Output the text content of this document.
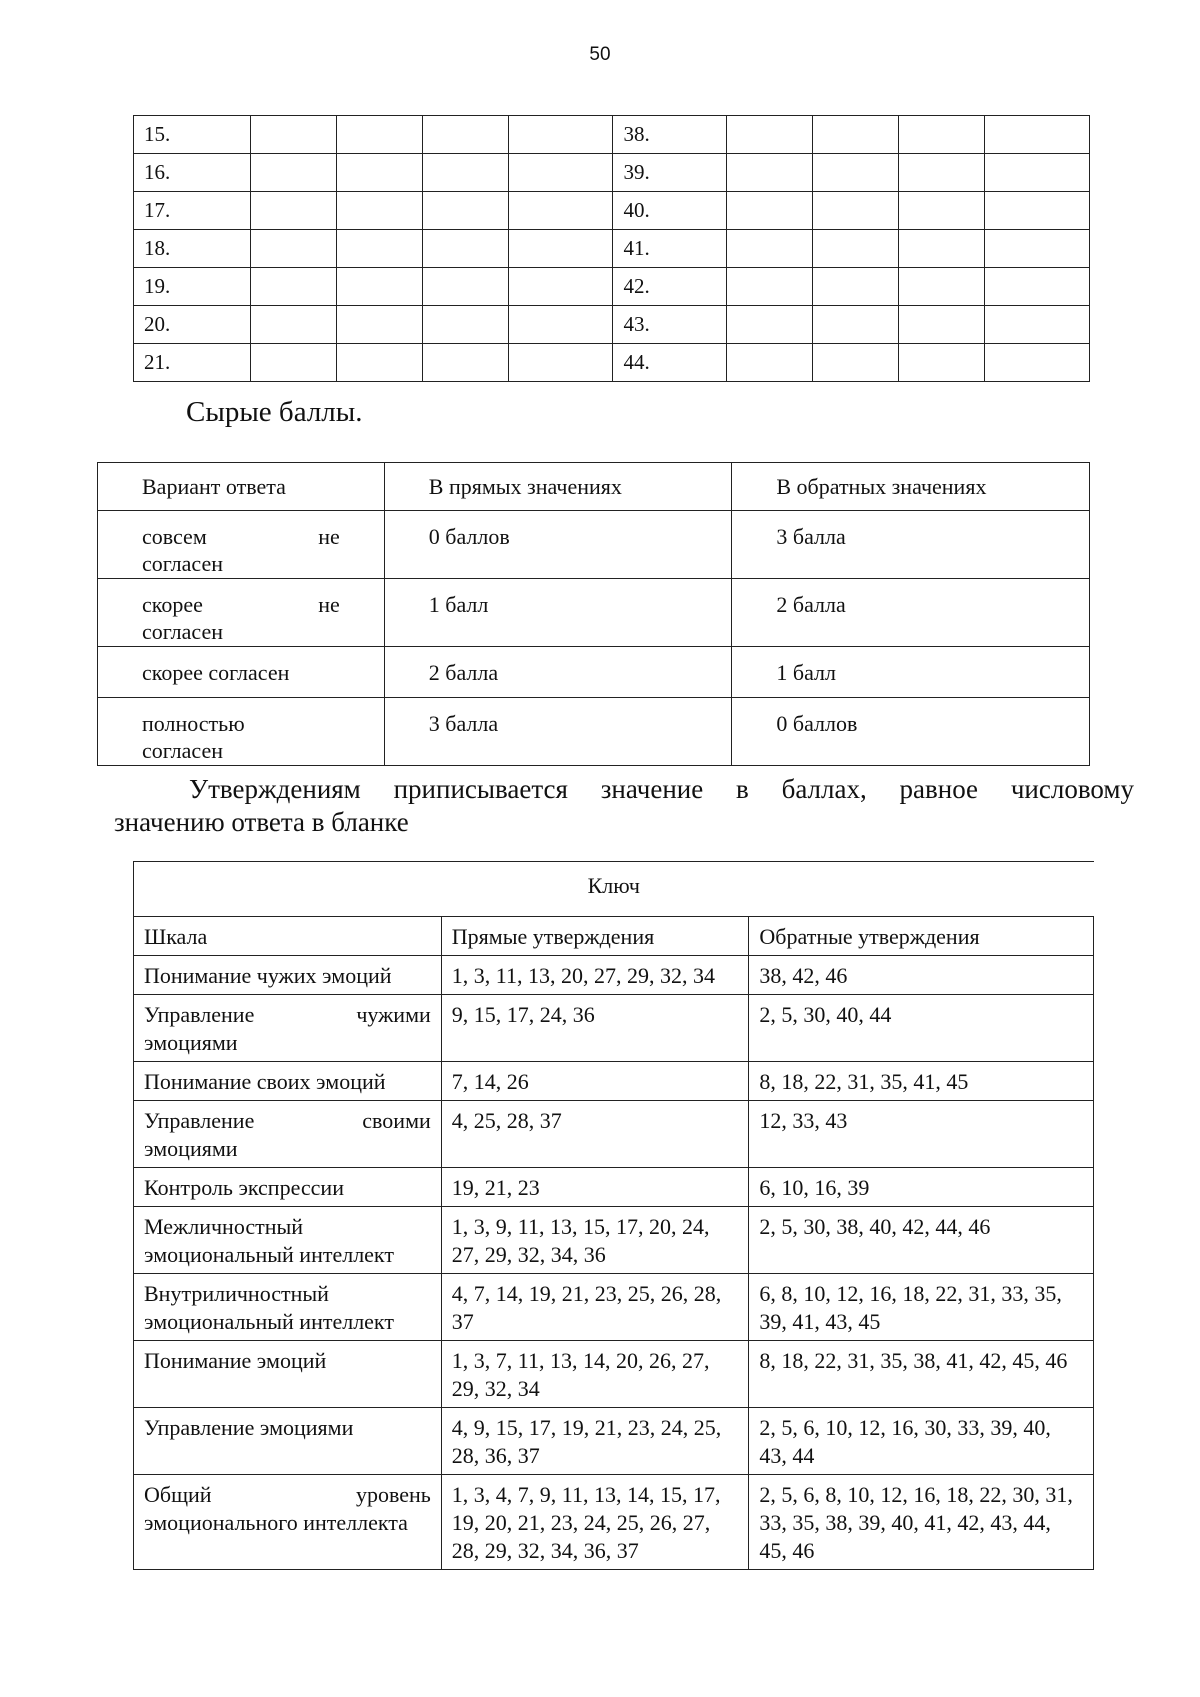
50
15.					38.				
16.					39.				
17.					40.				
18.					41.				
19.					42.				
20.					43.				
21.					44.				
Сырые баллы.
Вариант ответа	В прямых значениях	В обратных значениях

совсем не
согласен	0 баллов	3 балла

скорее не
согласен	1 балл	2 балла
скорее согласен	2 балла	1 балл

полностью
согласен	3 балла	0 баллов
Утверждениям приписывается значение в баллах, равное числовому
значению ответа в бланке
Ключ		
Шкала	Прямые утверждения	Обратные утверждения
Понимание чужих эмоций	1, 3, 11, 13, 20, 27, 29, 32, 34	38, 42, 46

Управление чужими
эмоциями	9, 15, 17, 24, 36	2, 5, 30, 40, 44
Понимание своих эмоций	7, 14, 26	8, 18, 22, 31, 35, 41, 45

Управление своими
эмоциями	4, 25, 28, 37	12, 33, 43
Контроль экспрессии	19, 21, 23	6, 10, 16, 39
Межличностный эмоциональный интеллект	1, 3, 9, 11, 13, 15, 17, 20, 24, 27, 29, 32, 34, 36	2, 5, 30, 38, 40, 42, 44, 46
Внутриличностный эмоциональный интеллект	4, 7, 14, 19, 21, 23, 25, 26, 28, 37	6, 8, 10, 12, 16, 18, 22, 31, 33, 35, 39, 41, 43, 45
Понимание эмоций	1, 3, 7, 11, 13, 14, 20, 26, 27, 29, 32, 34	8, 18, 22, 31, 35, 38, 41, 42, 45, 46
Управление эмоциями	4, 9, 15, 17, 19, 21, 23, 24, 25, 28, 36, 37	2, 5, 6, 10, 12, 16, 30, 33, 39, 40, 43, 44

Общий уровень
эмоционального интеллекта	1, 3, 4, 7, 9, 11, 13, 14, 15, 17, 19, 20, 21, 23, 24, 25, 26, 27, 28, 29, 32, 34, 36, 37	2, 5, 6, 8, 10, 12, 16, 18, 22, 30, 31, 33, 35, 38, 39, 40, 41, 42, 43, 44, 45, 46
